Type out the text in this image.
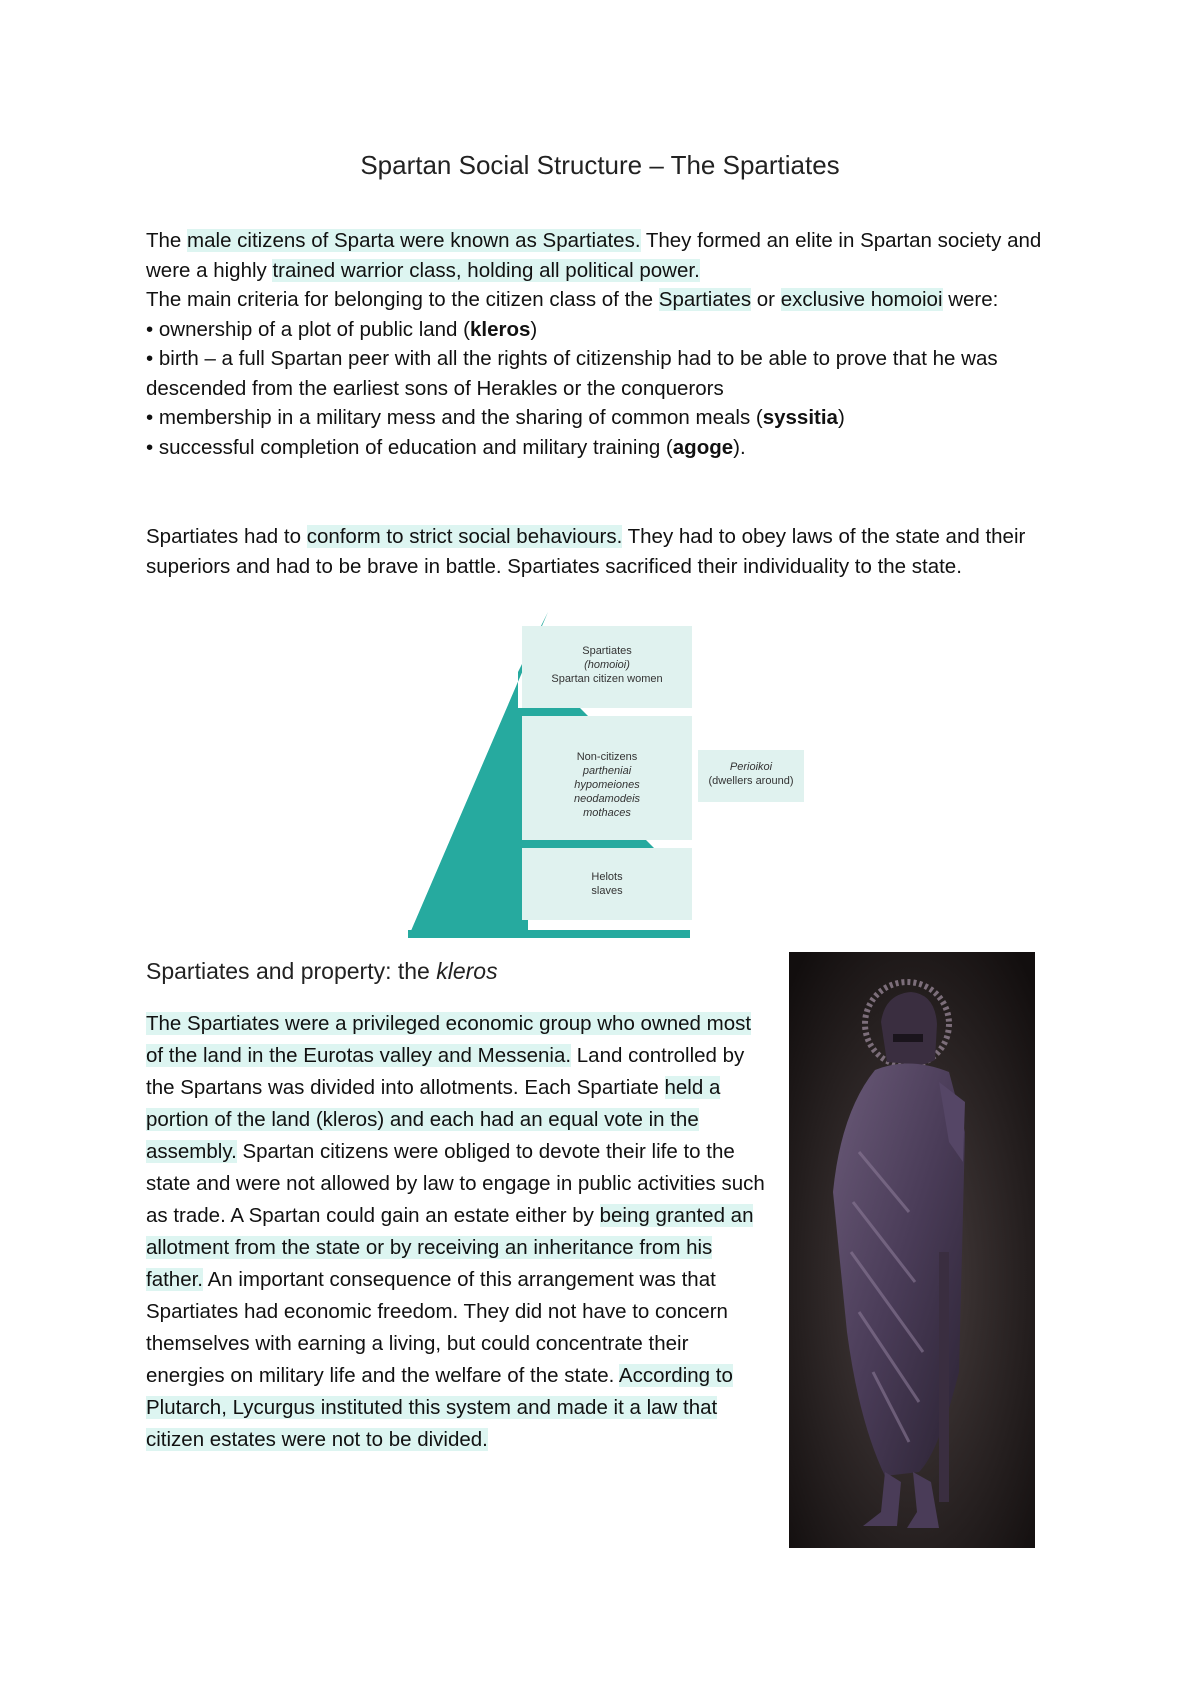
Spartan Social Structure – The Spartiates
The male citizens of Sparta were known as Spartiates. They formed an elite in Spartan society and were a highly trained warrior class, holding all political power.
The main criteria for belonging to the citizen class of the Spartiates or exclusive homoioi were:
• ownership of a plot of public land (kleros)
• birth – a full Spartan peer with all the rights of citizenship had to be able to prove that he was descended from the earliest sons of Herakles or the conquerors
• membership in a military mess and the sharing of common meals (syssitia)
• successful completion of education and military training (agoge).
Spartiates had to conform to strict social behaviours. They had to obey laws of the state and their superiors and had to be brave in battle. Spartiates sacrificed their individuality to the state.
Spartiates
(homoioi)
Spartan citizen women
Non-citizens
partheniai
hypomeiones
neodamodeis
mothaces
Helots
slaves
Perioikoi
(dwellers around)
Spartiates and property: the kleros
The Spartiates were a privileged economic group who owned most of the land in the Eurotas valley and Messenia. Land controlled by the Spartans was divided into allotments. Each Spartiate held a portion of the land (kleros) and each had an equal vote in the assembly. Spartan citizens were obliged to devote their life to the state and were not allowed by law to engage in public activities such as trade. A Spartan could gain an estate either by being granted an allotment from the state or by receiving an inheritance from his father. An important consequence of this arrangement was that Spartiates had economic freedom. They did not have to concern themselves with earning a living, but could concentrate their energies on military life and the welfare of the state. According to Plutarch, Lycurgus instituted this system and made it a law that citizen estates were not to be divided.
